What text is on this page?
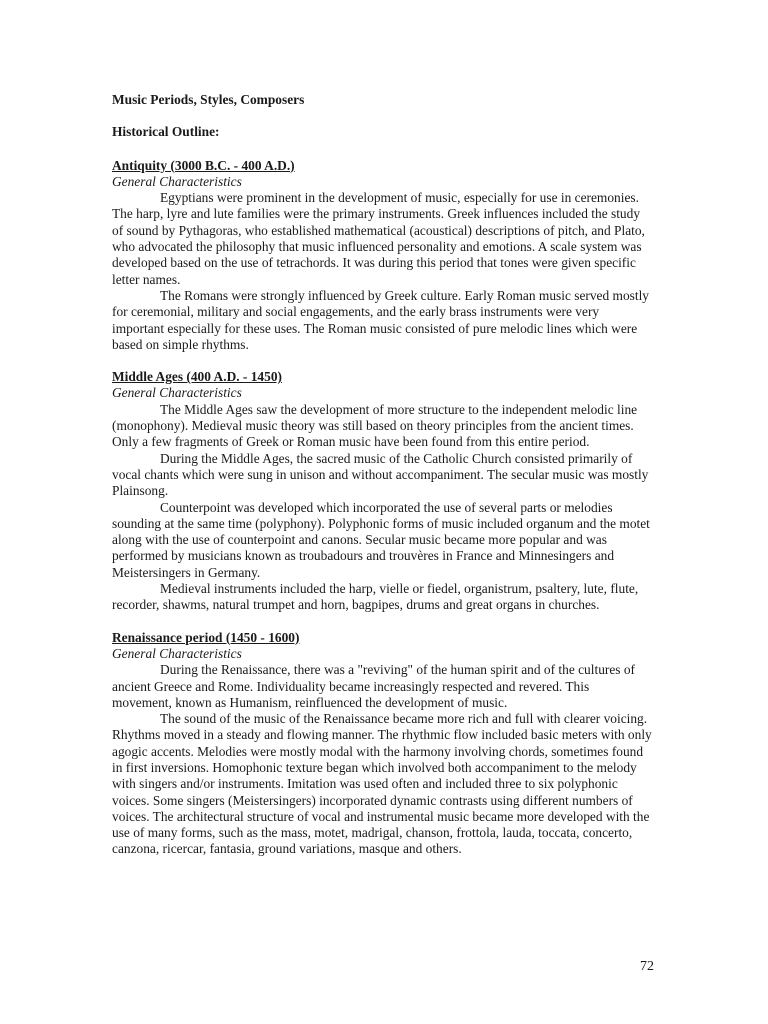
Music Periods, Styles, Composers

Historical Outline:

Antiquity (3000 B.C. - 400 A.D.)

General Characteristics

Egyptians were prominent in the development of music, especially for use in ceremonies. The harp, lyre and lute families were the primary instruments. Greek influences included the study of sound by Pythagoras, who established mathematical (acoustical) descriptions of pitch, and Plato, who advocated the philosophy that music influenced personality and emotions. A scale system was developed based on the use of tetrachords. It was during this period that tones were given specific letter names.

The Romans were strongly influenced by Greek culture. Early Roman music served mostly for ceremonial, military and social engagements, and the early brass instruments were very important especially for these uses. The Roman music consisted of pure melodic lines which were based on simple rhythms.

Middle Ages (400 A.D. - 1450)

General Characteristics

The Middle Ages saw the development of more structure to the independent melodic line (monophony). Medieval music theory was still based on theory principles from the ancient times. Only a few fragments of Greek or Roman music have been found from this entire period.

During the Middle Ages, the sacred music of the Catholic Church consisted primarily of vocal chants which were sung in unison and without accompaniment. The secular music was mostly Plainsong.

Counterpoint was developed which incorporated the use of several parts or melodies sounding at the same time (polyphony). Polyphonic forms of music included organum and the motet along with the use of counterpoint and canons. Secular music became more popular and was performed by musicians known as troubadours and trouvères in France and Minnesingers and Meistersingers in Germany.

Medieval instruments included the harp, vielle or fiedel, organistrum, psaltery, lute, flute, recorder, shawms, natural trumpet and horn, bagpipes, drums and great organs in churches.

Renaissance period (1450 - 1600)

General Characteristics

During the Renaissance, there was a "reviving" of the human spirit and of the cultures of ancient Greece and Rome. Individuality became increasingly respected and revered. This movement, known as Humanism, reinfluenced the development of music.

The sound of the music of the Renaissance became more rich and full with clearer voicing. Rhythms moved in a steady and flowing manner. The rhythmic flow included basic meters with only agogic accents. Melodies were mostly modal with the harmony involving chords, sometimes found in first inversions. Homophonic texture began which involved both accompaniment to the melody with singers and/or instruments. Imitation was used often and included three to six polyphonic voices. Some singers (Meistersingers) incorporated dynamic contrasts using different numbers of voices. The architectural structure of vocal and instrumental music became more developed with the use of many forms, such as the mass, motet, madrigal, chanson, frottola, lauda, toccata, concerto, canzona, ricercar, fantasia, ground variations, masque and others.

72
